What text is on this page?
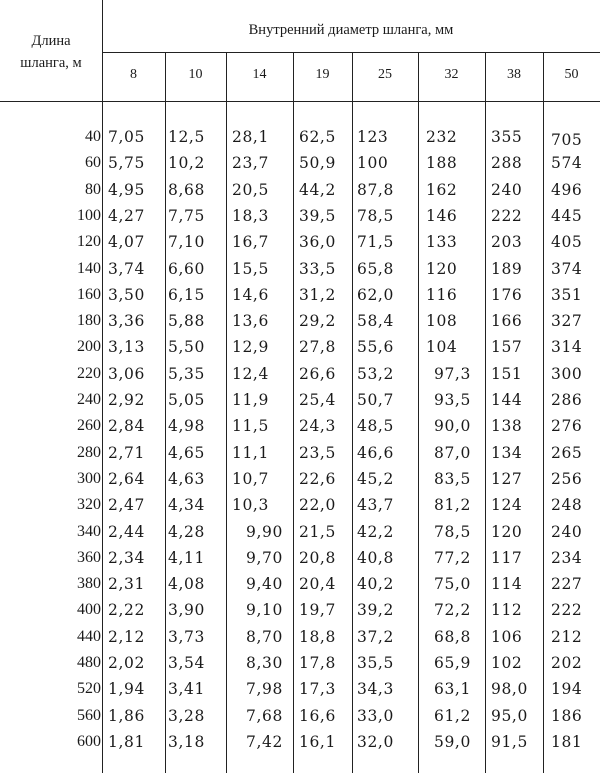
Длина
шланга, м
Внутренний диаметр шланга, мм
8	10	14	19	25	32	38	50
40 7,05 12,5 28,1 62,5 123 232 355 705
60 5,75 10,2 23,7 50,9 100 188 288 574
80 4,95 8,68 20,5 44,2 87,8 162 240 496
100 4,27 7,75 18,3 39,5 78,5 146 222 445
120 4,07 7,10 16,7 36,0 71,5 133 203 405
140 3,74 6,60 15,5 33,5 65,8 120 189 374
160 3,50 6,15 14,6 31,2 62,0 116 176 351
180 3,36 5,88 13,6 29,2 58,4 108 166 327
200 3,13 5,50 12,9 27,8 55,6 104 157 314
220 3,06 5,35 12,4 26,6 53,2	97,3 151 300
240 2,92 5,05 11,9 25,4 50,7	93,5 144 286
260 2,84 4,98 11,5 24,3 48,5	90,0 138 276
280 2,71 4,65 11,1 23,5 46,6	87,0 134 265
300 2,64 4,63 10,7 22,6 45,2	83,5 127 256
320 2,47 4,34 10,3 22,0 43,7	81,2 124 248
340 2,44 4,28	9,90 21,5 42,2	78,5 120 240
360 2,34 4,11	9,70 20,8 40,8	77,2 117 234
380 2,31 4,08	9,40 20,4 40,2	75,0 114 227
400 2,22 3,90	9,10 19,7 39,2	72,2 112 222
440 2,12 3,73	8,70 18,8 37,2	68,8 106 212
480 2,02 3,54	8,30 17,8 35,5	65,9 102 202
520 1,94 3,41	7,98 17,3 34,3	63,1 98,0 194
560 1,86 3,28	7,68 16,6 33,0	61,2 95,0 186
600 1,81 3,18	7,42 16,1 32,0	59,0 91,5 181
